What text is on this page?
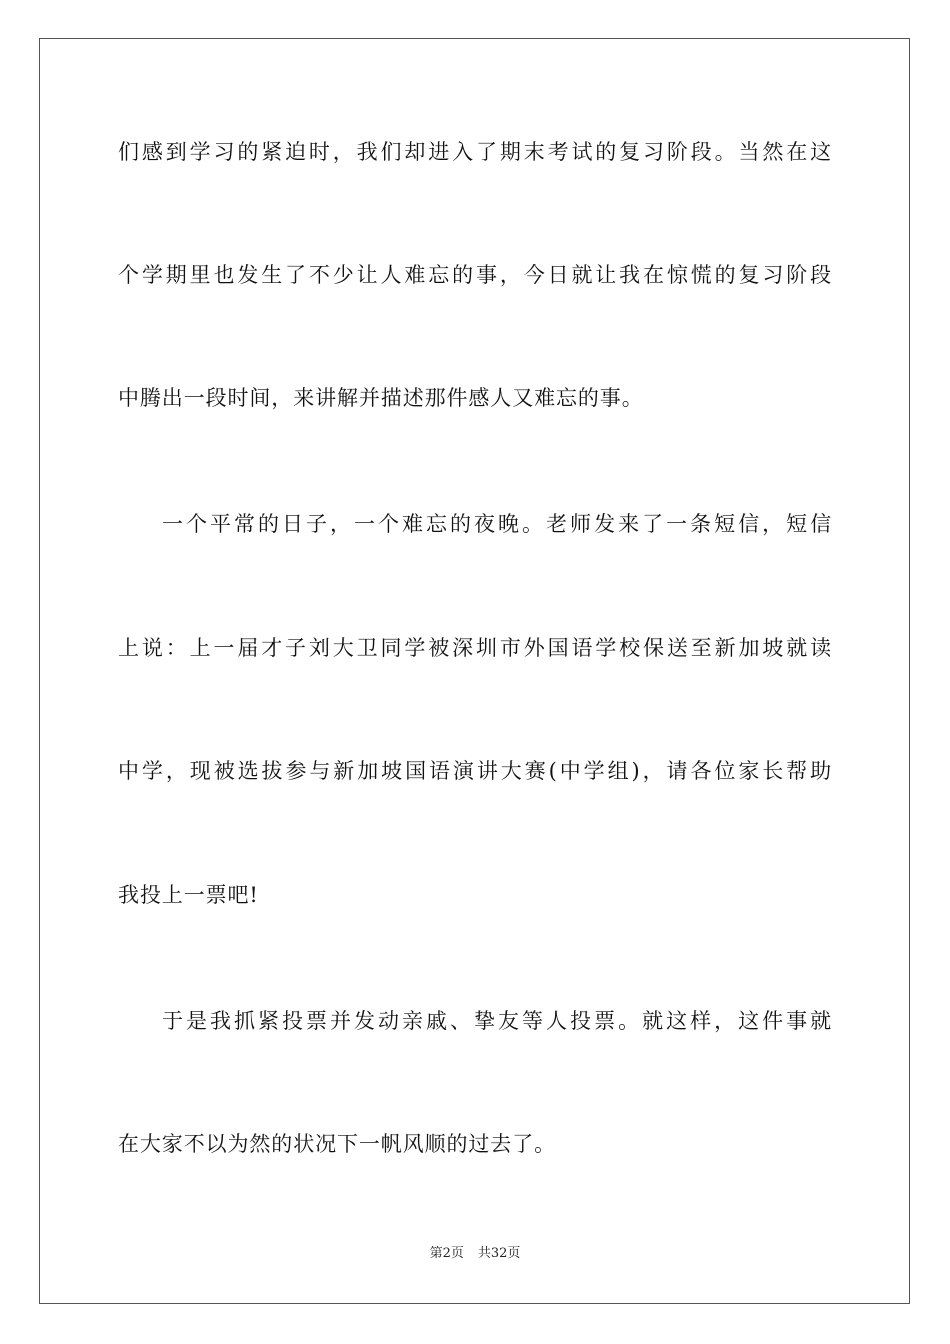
们感到学习的紧迫时，我们却进入了期末考试的复习阶段。当然在这
个学期里也发生了不少让人难忘的事，今日就让我在惊慌的复习阶段
中腾出一段时间，来讲解并描述那件感人又难忘的事。
一个平常的日子，一个难忘的夜晚。老师发来了一条短信，短信
上说：上一届才子刘大卫同学被深圳市外国语学校保送至新加坡就读
中学，现被选拔参与新加坡国语演讲大赛(中学组)，请各位家长帮助
我投上一票吧!
于是我抓紧投票并发动亲戚、挚友等人投票。就这样，这件事就
在大家不以为然的状况下一帆风顺的过去了。
第2页 共32页
